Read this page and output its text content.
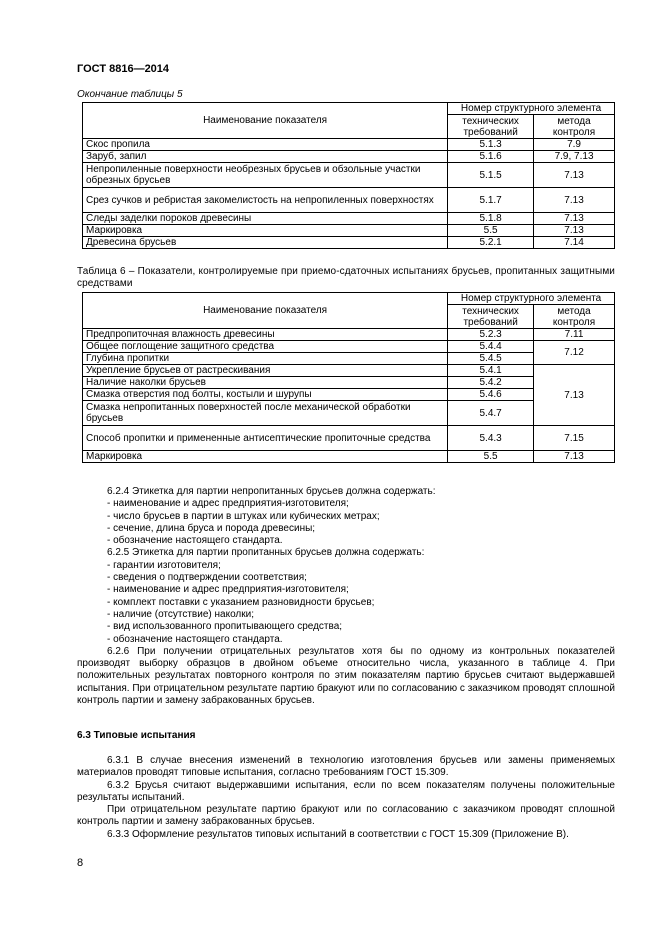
ГОСТ 8816—2014
Окончание таблицы 5
Наименование показателя	Номер структурного элемента	
	технических требований	метода контроля
Скос пропила	5.1.3	7.9
Заруб, запил	5.1.6	7.9, 7.13
Непропиленные поверхности необрезных брусьев и обзольные участки обрезных брусьев	5.1.5	7.13
Срез сучков и ребристая закомелистость на непропиленных поверхностях	5.1.7	7.13
Следы заделки пороков древесины	5.1.8	7.13
Маркировка	5.5	7.13
Древесина брусьев	5.2.1	7.14
Таблица 6 – Показатели, контролируемые при приемо-сдаточных испытаниях брусьев, пропитанных защитными средствами
Наименование показателя	Номер структурного элемента	
	технических требований	метода контроля
Предпропиточная влажность древесины	5.2.3	7.11
Общее поглощение защитного средства	5.4.4	7.12
Глубина пропитки	5.4.5	
Укрепление брусьев от растрескивания	5.4.1	7.13
Наличие наколки брусьев	5.4.2	
Смазка отверстия под болты, костыли и шурупы	5.4.6	
Смазка непропитанных поверхностей после механической обработки брусьев	5.4.7	
Способ пропитки и примененные антисептические пропиточные средства	5.4.3	7.15
Маркировка	5.5	7.13

6.2.4 Этикетка для партии непропитанных брусьев должна содержать:

- наименование и адрес предприятия-изготовителя;

- число брусьев в партии в штуках или кубических метрах;

- сечение, длина бруса и порода древесины;

- обозначение настоящего стандарта.

6.2.5 Этикетка для партии пропитанных брусьев должна содержать:

- гарантии изготовителя;

- сведения о подтверждении соответствия;

- наименование и адрес предприятия-изготовителя;

- комплект поставки с указанием разновидности брусьев;

- наличие (отсутствие) наколки;

- вид использованного пропитывающего средства;

- обозначение настоящего стандарта.

6.2.6 При получении отрицательных результатов хотя бы по одному из контрольных показателей производят выборку образцов в двойном объеме относительно числа, указанного в таблице 4. При положительных результатах повторного контроля по этим показателям партию брусьев считают выдержавшей испытания. При отрицательном результате партию бракуют или по согласованию с заказчиком проводят сплошной контроль партии и замену забракованных брусьев.

6.3 Типовые испытания

6.3.1 В случае внесения изменений в технологию изготовления брусьев или замены применяемых материалов проводят типовые испытания, согласно требованиям ГОСТ 15.309.

6.3.2 Брусья считают выдержавшими испытания, если по всем показателям получены положительные результаты испытаний.

При отрицательном результате партию бракуют или по согласованию с заказчиком проводят сплошной контроль партии и замену забракованных брусьев.

6.3.3 Оформление результатов типовых испытаний в соответствии с ГОСТ 15.309 (Приложение В).

8
